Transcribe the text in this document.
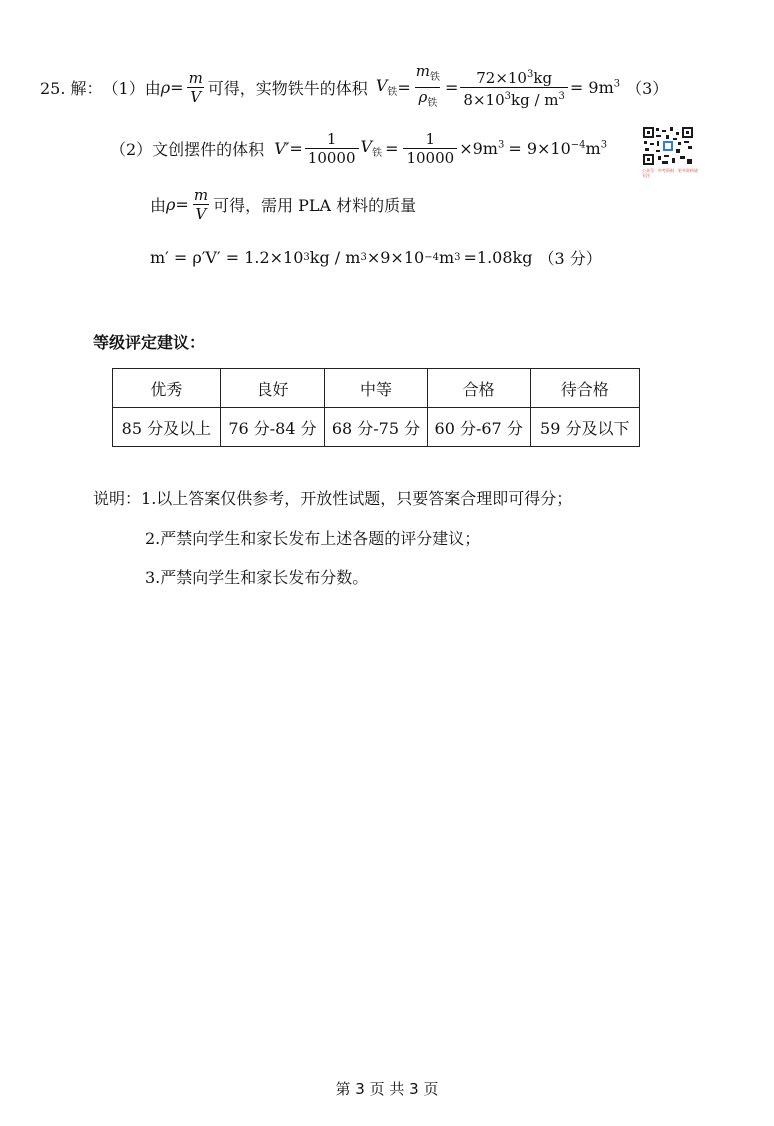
25. 解： （1） 由 $\rho = \frac{m}{V}$ 可得，实物铁牛的体积 $V_铁 = \frac{m_铁}{\rho_铁} = \frac{72\times 10^3kg}{8\times 10^3kg / m^3} = 9m^3$ （3）
（2）文创摆件的体积 $V' = \frac{1}{10000} V_铁 = \frac{1}{10000} \times 9m^3 = 9\times 10^{-4}m^3$
公众号：中考资料 · 更多资料请关注
由 $\rho = \frac{m}{V}$ 可得，需用 PLA 材料的质量
m′ = ρ′V′ = 1.2×10 3 kg / m 3 ×9×10 −4 m 3 =1.08kg （3 分）
等级评定建议：
优秀	良好	中等	合格	待合格
85 分及以上	76 分-84 分	68 分-75 分	60 分-67 分	59 分及以下
说明：1.以上答案仅供参考，开放性试题，只要答案合理即可得分；
2.严禁向学生和家长发布上述各题的评分建议；
3.严禁向学生和家长发布分数。
第 3 页 共 3 页
